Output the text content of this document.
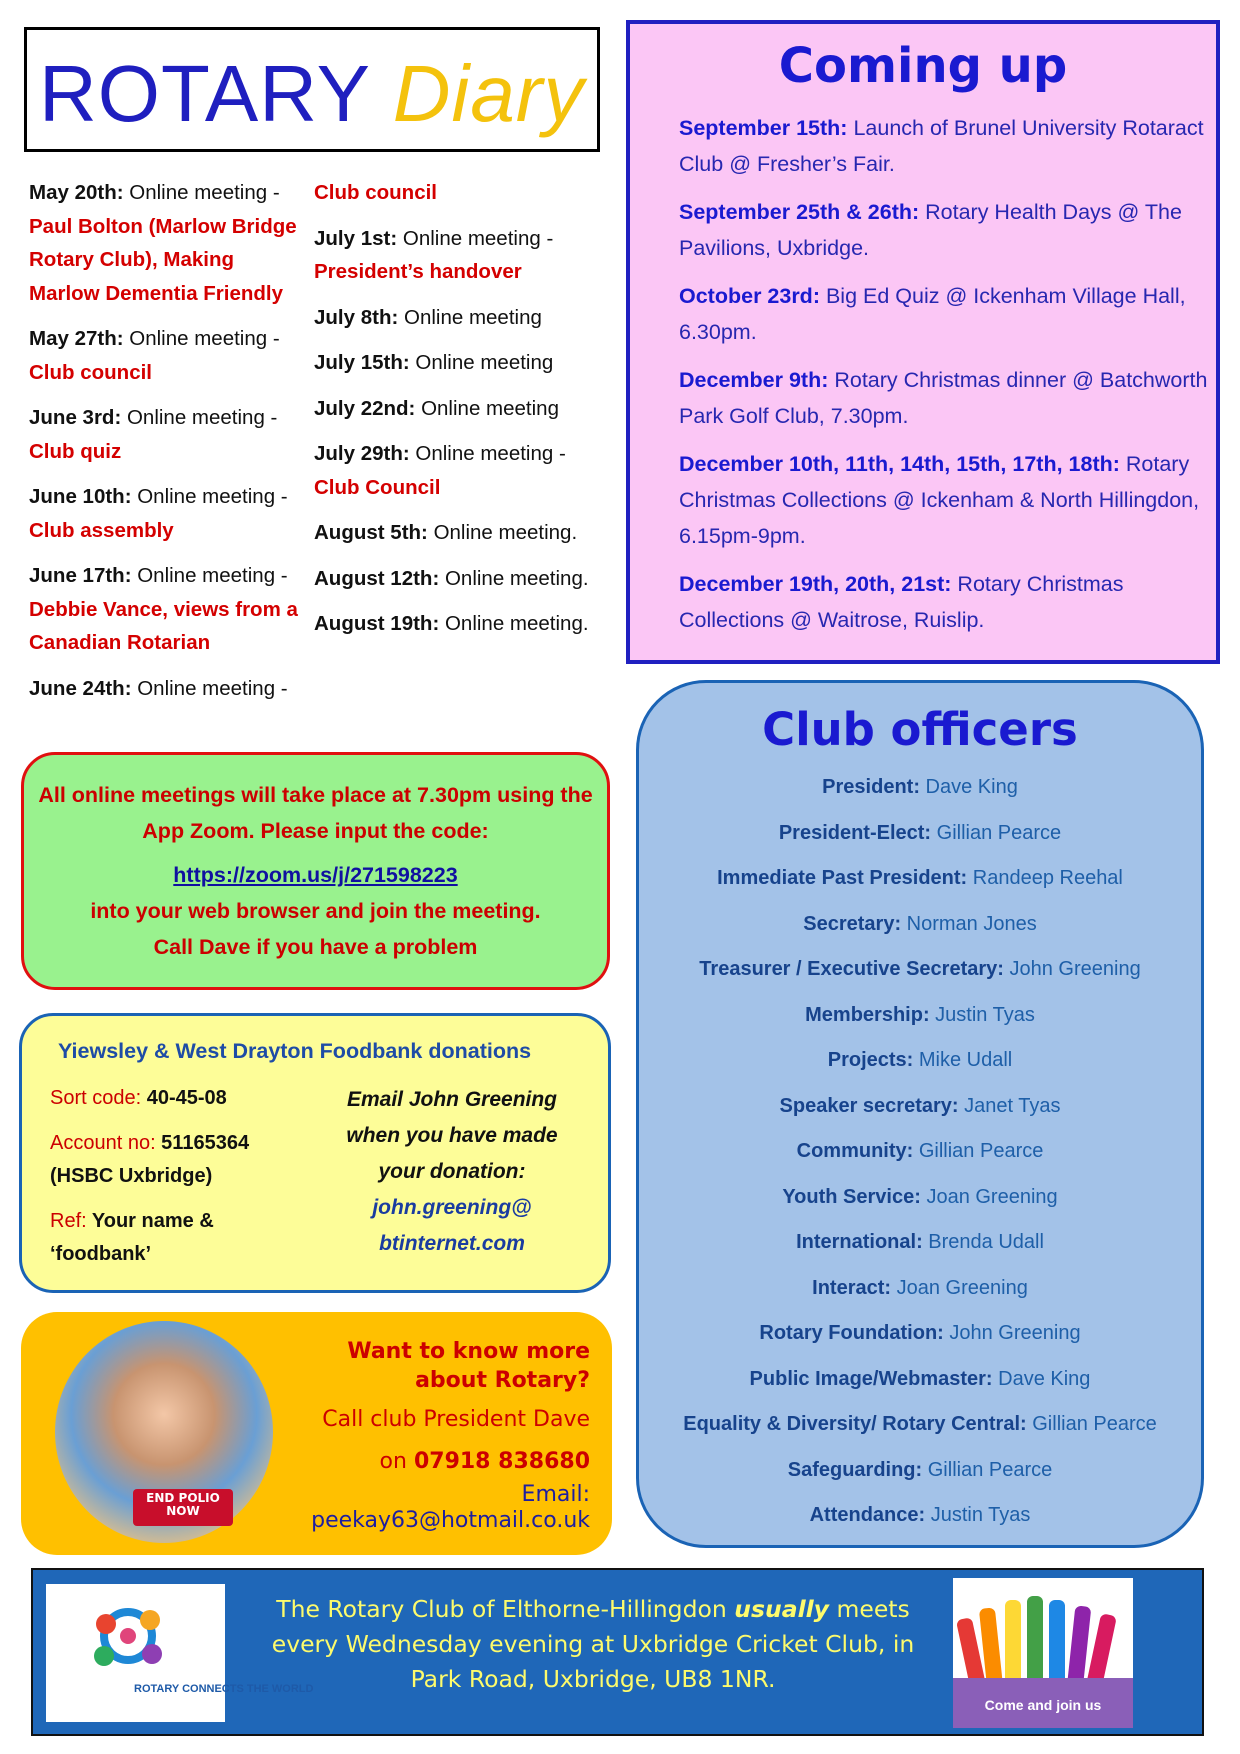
ROTARY Diary

May 20th: Online meeting -
Paul Bolton (Marlow Bridge Rotary Club), Making Marlow Dementia Friendly

May 27th: Online meeting -
Club council

June 3rd: Online meeting -
Club quiz

June 10th: Online meeting -
Club assembly

June 17th: Online meeting -
Debbie Vance, views from a Canadian Rotarian

June 24th: Online meeting -

Club council

July 1st: Online meeting -
President’s handover

July 8th: Online meeting

July 15th: Online meeting

July 22nd: Online meeting

July 29th: Online meeting -
Club Council

August 5th: Online meeting.

August 12th: Online meeting.

August 19th: Online meeting.

Coming up

September 15th: Launch of Brunel University Rotaract Club @ Fresher’s Fair.

September 25th & 26th: Rotary Health Days @ The Pavilions, Uxbridge.

October 23rd: Big Ed Quiz @ Ickenham Village Hall, 6.30pm.

December 9th: Rotary Christmas dinner @ Batchworth Park Golf Club, 7.30pm.

December 10th, 11th, 14th, 15th, 17th, 18th: Rotary Christmas Collections @ Ickenham & North Hillingdon, 6.15pm-9pm.

December 19th, 20th, 21st: Rotary Christmas Collections @ Waitrose, Ruislip.

Club officers
President: Dave King
President-Elect: Gillian Pearce
Immediate Past President: Randeep Reehal
Secretary: Norman Jones
Treasurer / Executive Secretary: John Greening
Membership: Justin Tyas
Projects: Mike Udall
Speaker secretary: Janet Tyas
Community: Gillian Pearce
Youth Service: Joan Greening
International: Brenda Udall
Interact: Joan Greening
Rotary Foundation: John Greening
Public Image/Webmaster: Dave King
Equality & Diversity/ Rotary Central: Gillian Pearce
Safeguarding: Gillian Pearce
Attendance: Justin Tyas
All online meetings will take place at 7.30pm using the App Zoom. Please input the code:
https://zoom.us/j/271598223
into your web browser and join the meeting.
Call Dave if you have a problem
Yiewsley & West Drayton Foodbank donations

Sort code: 40-45-08

Account no: 51165364
(HSBC Uxbridge)

Ref: Your name & ‘foodbank’

Email John Greening when you have made your donation:
john.greening@
btinternet.com
END POLIO NOW
Want to know more about Rotary?
Call club President Dave
on 07918 838680
Email:
peekay63@hotmail.co.uk
ROTARY CONNECTS THE WORLD
The Rotary Club of Elthorne-Hillingdon usually meets every Wednesday evening at Uxbridge Cricket Club, in Park Road, Uxbridge, UB8 1NR.
Come and join us
